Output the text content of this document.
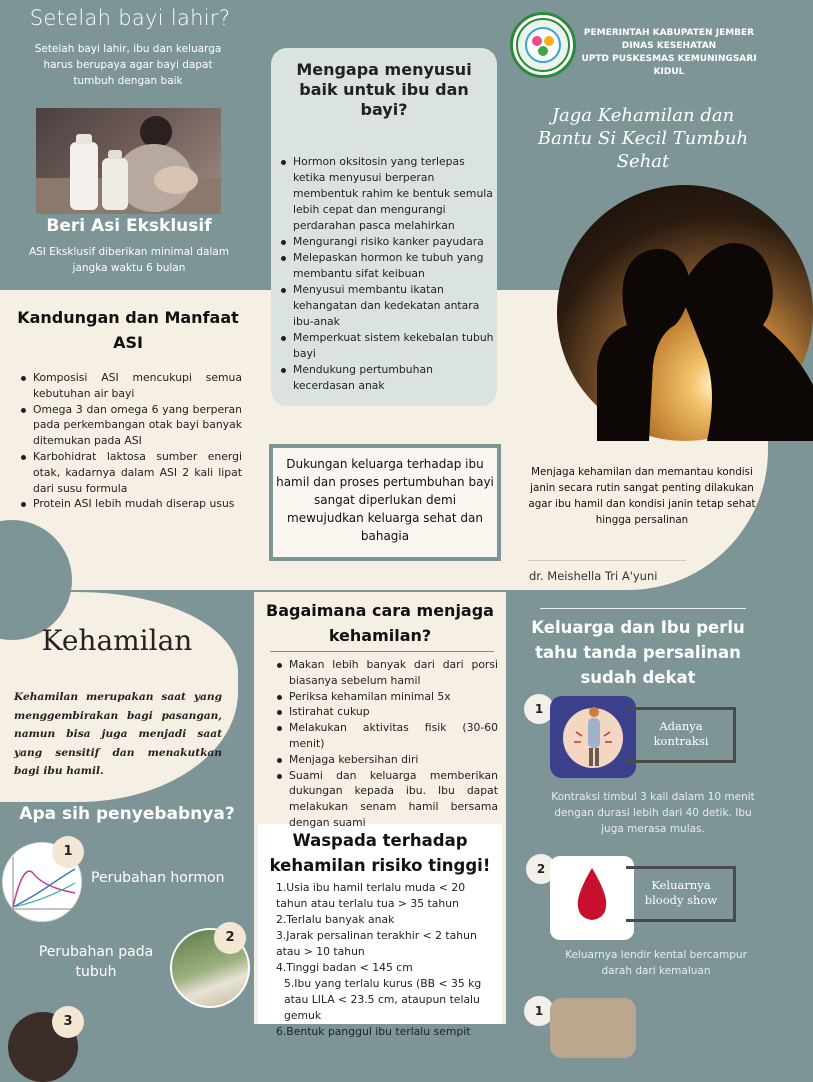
Setelah bayi lahir?
Setelah bayi lahir, ibu dan keluarga harus berupaya agar bayi dapat tumbuh dengan baik
Beri Asi Eksklusif
ASI Eksklusif diberikan minimal dalam jangka waktu 6 bulan
Mengapa menyusui baik untuk ibu dan bayi?
Hormon oksitosin yang terlepas ketika menyusui berperan membentuk rahim ke bentuk semula lebih cepat dan mengurangi perdarahan pasca melahirkan
Mengurangi risiko kanker payudara
Melepaskan hormon ke tubuh yang membantu sifat keibuan
Menyusui membantu ikatan kehangatan dan kedekatan antara ibu-anak
Memperkuat sistem kekebalan tubuh bayi
Mendukung pertumbuhan kecerdasan anak
PEMERINTAH KABUPATEN JEMBER
DINAS KESEHATAN
UPTD PUSKESMAS KEMUNINGSARI KIDUL
Jaga Kehamilan dan Bantu Si Kecil Tumbuh Sehat
Menjaga kehamilan dan memantau kondisi janin secara rutin sangat penting dilakukan agar ibu hamil dan kondisi janin tetap sehat hingga persalinan
dr. Meishella Tri A'yuni
Kandungan dan Manfaat ASI
Komposisi ASI mencukupi semua kebutuhan air bayi
Omega 3 dan omega 6 yang berperan pada perkembangan otak bayi banyak ditemukan pada ASI
Karbohidrat laktosa sumber energi otak, kadarnya dalam ASI 2 kali lipat dari susu formula
Protein ASI lebih mudah diserap usus
Dukungan keluarga terhadap ibu hamil dan proses pertumbuhan bayi sangat diperlukan demi mewujudkan keluarga sehat dan bahagia
Kehamilan
Kehamilan merupakan saat yang menggembirakan bagi pasangan, namun bisa juga menjadi saat yang sensitif dan menakutkan bagi ibu hamil.
Apa sih penyebabnya?
1
Perubahan hormon
Perubahan pada tubuh
2
3
Bagaimana cara menjaga kehamilan?
Makan lebih banyak dari dari porsi biasanya sebelum hamil
Periksa kehamilan minimal 5x
Istirahat cukup
Melakukan aktivitas fisik (30-60 menit)
Menjaga kebersihan diri
Suami dan keluarga memberikan dukungan kepada ibu. Ibu dapat melakukan senam hamil bersama dengan suami
Waspada terhadap kehamilan risiko tinggi!
1.Usia ibu hamil terlalu muda < 20 tahun atau terlalu tua > 35 tahun
2.Terlalu banyak anak
3.Jarak persalinan terakhir < 2 tahun atau > 10 tahun
4.Tinggi badan < 145 cm
5.Ibu yang terlalu kurus (BB < 35 kg atau LILA < 23.5 cm, ataupun telalu gemuk
6.Bentuk panggul ibu terlalu sempit
Keluarga dan Ibu perlu tahu tanda persalinan sudah dekat
1
Adanya kontraksi
Kontraksi timbul 3 kali dalam 10 menit dengan durasi lebih dari 40 detik. Ibu juga merasa mulas.
2
Keluarnya bloody show
Keluarnya lendir kental bercampur darah dari kemaluan
1
